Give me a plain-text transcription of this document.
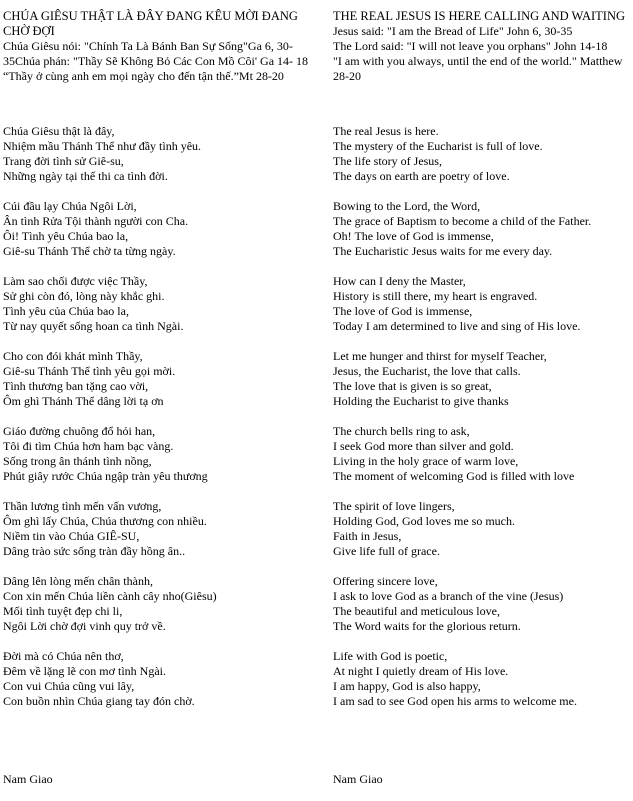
CHÚA GIÊSU THẬT LÀ ĐÂY ĐANG KÊU MỜI ĐANG CHỜ ĐỢI
Chúa Giêsu nói: "Chính Ta Là Bánh Ban Sự Sống"Ga 6, 30-35Chúa phán: "Thầy Sẽ Không Bỏ Các Con Mồ Côi' Ga 14- 18
“Thầy ở cùng anh em mọi ngày cho đến tận thế.”Mt 28-20
Chúa Giêsu thật là đây,
Nhiệm mầu Thánh Thể như đầy tình yêu.
Trang đời tình sử Giê-su,
Những ngày tại thế thi ca tình đời.
Cúi đầu lạy Chúa Ngôi Lời,
Ân tình Rửa Tội thành người con Cha.
Ôi! Tình yêu Chúa bao la,
Giê-su Thánh Thể chờ ta từng ngày.
Làm sao chối được việc Thầy,
Sử ghi còn đó, lòng này khắc ghi.
Tình yêu của Chúa bao la,
Từ nay quyết sống hoan ca tình Ngài.
Cho con đói khát mình Thầy,
Giê-su Thánh Thể tình yêu gọi mời.
Tình thương ban tặng cao vời,
Ôm ghì Thánh Thể dâng lời tạ ơn
Giáo đường chuông đổ hỏi han,
Tôi đi tìm Chúa hơn ham bạc vàng.
Sống trong ân thánh tình nồng,
Phút giây rước Chúa ngập tràn yêu thương
Thần lương tình mến vấn vương,
Ôm ghì lấy Chúa, Chúa thương con nhiều.
Niềm tin vào Chúa GIÊ-SU,
Dâng trào sức sống tràn đầy hồng ân..
Dâng lên lòng mến chân thành,
Con xin mến Chúa liền cành cây nho(Giêsu)
Mối tình tuyệt đẹp chi li,
Ngôi Lời chờ đợi vinh quy trở về.
Đời mà có Chúa nên thơ,
Đêm về lặng lẽ con mơ tình Ngài.
Con vui Chúa cũng vui lây,
Con buồn nhìn Chúa giang tay đón chờ.
THE REAL JESUS IS HERE CALLING AND WAITING
Jesus said: "I am the Bread of Life" John 6, 30-35
The Lord said: "I will not leave you orphans" John 14-18
"I am with you always, until the end of the world." Matthew 28-20
The real Jesus is here.
The mystery of the Eucharist is full of love.
The life story of Jesus,
The days on earth are poetry of love.
Bowing to the Lord, the Word,
The grace of Baptism to become a child of the Father.
Oh! The love of God is immense,
The Eucharistic Jesus waits for me every day.
How can I deny the Master,
History is still there, my heart is engraved.
The love of God is immense,
Today I am determined to live and sing of His love.
Let me hunger and thirst for myself Teacher,
Jesus, the Eucharist, the love that calls.
The love that is given is so great,
Holding the Eucharist to give thanks
The church bells ring to ask,
I seek God more than silver and gold.
Living in the holy grace of warm love,
The moment of welcoming God is filled with love
The spirit of love lingers,
Holding God, God loves me so much.
Faith in Jesus,
Give life full of grace.
Offering sincere love,
I ask to love God as a branch of the vine (Jesus)
The beautiful and meticulous love,
The Word waits for the glorious return.
Life with God is poetic,
At night I quietly dream of His love.
I am happy, God is also happy,
I am sad to see God open his arms to welcome me.
Nam Giao	Nam Giao
